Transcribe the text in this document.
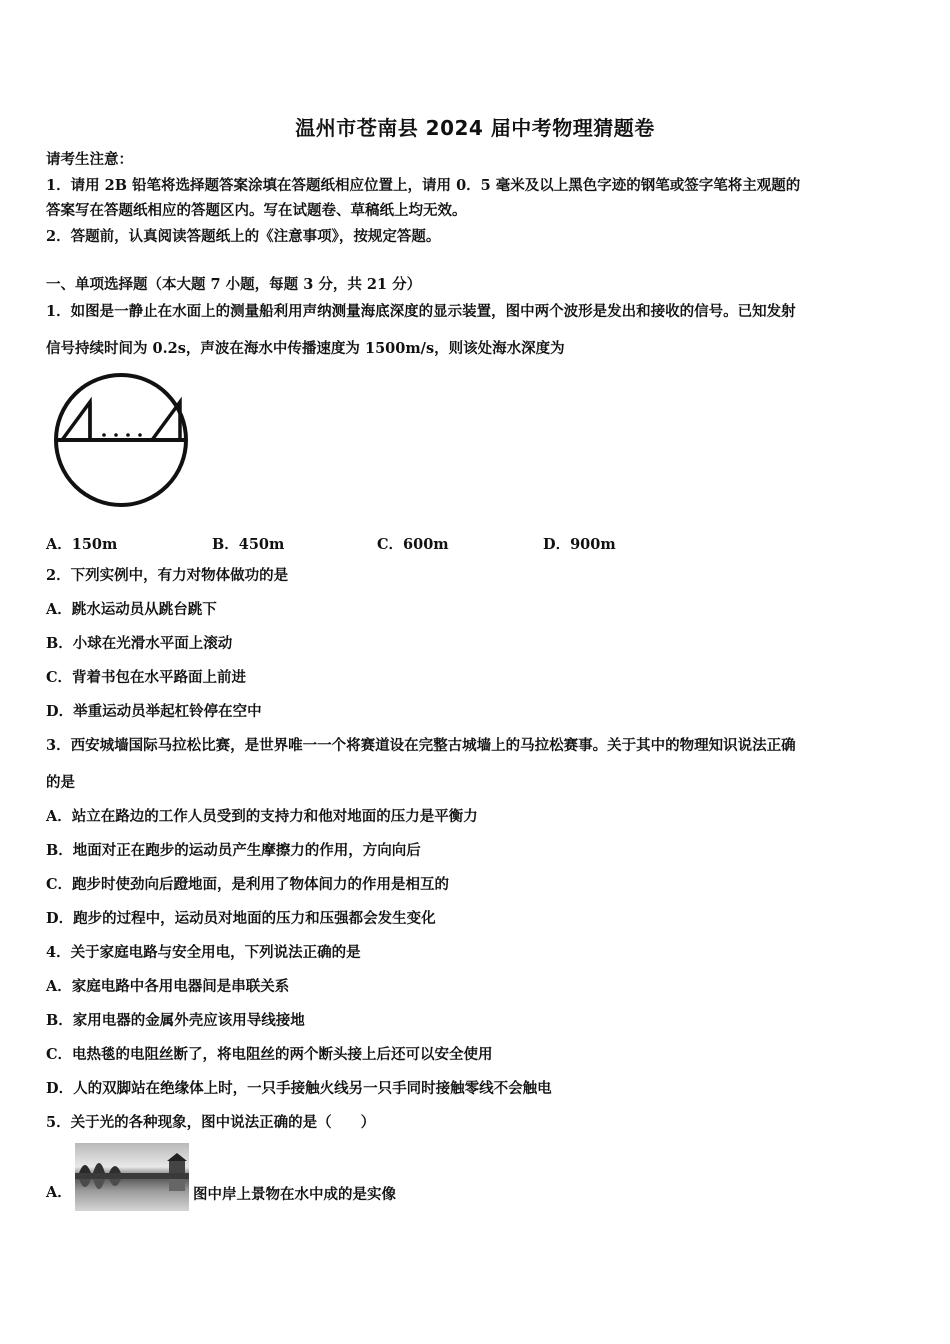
温州市苍南县 2024 届中考物理猜题卷
请考生注意：
1．请用 2B 铅笔将选择题答案涂填在答题纸相应位置上，请用 0．5 毫米及以上黑色字迹的钢笔或签字笔将主观题的
答案写在答题纸相应的答题区内。写在试题卷、草稿纸上均无效。
2．答题前，认真阅读答题纸上的《注意事项》，按规定答题。
一、单项选择题（本大题 7 小题，每题 3 分，共 21 分）
1．如图是一静止在水面上的测量船利用声纳测量海底深度的显示装置，图中两个波形是发出和接收的信号。已知发射
信号持续时间为 0.2s，声波在海水中传播速度为 1500m/s，则该处海水深度为
A．150m	B．450m	C．600m	D．900m
2．下列实例中，有力对物体做功的是
A．跳水运动员从跳台跳下
B．小球在光滑水平面上滚动
C．背着书包在水平路面上前进
D．举重运动员举起杠铃停在空中
3．西安城墙国际马拉松比赛，是世界唯一一个将赛道设在完整古城墙上的马拉松赛事。关于其中的物理知识说法正确
的是
A．站立在路边的工作人员受到的支持力和他对地面的压力是平衡力
B．地面对正在跑步的运动员产生摩擦力的作用，方向向后
C．跑步时使劲向后蹬地面，是利用了物体间力的作用是相互的
D．跑步的过程中，运动员对地面的压力和压强都会发生变化
4．关于家庭电路与安全用电，下列说法正确的是
A．家庭电路中各用电器间是串联关系
B．家用电器的金属外壳应该用导线接地
C．电热毯的电阻丝断了，将电阻丝的两个断头接上后还可以安全使用
D．人的双脚站在绝缘体上时，一只手接触火线另一只手同时接触零线不会触电
5．关于光的各种现象，图中说法正确的是（　　）
A．	图中岸上景物在水中成的是实像
